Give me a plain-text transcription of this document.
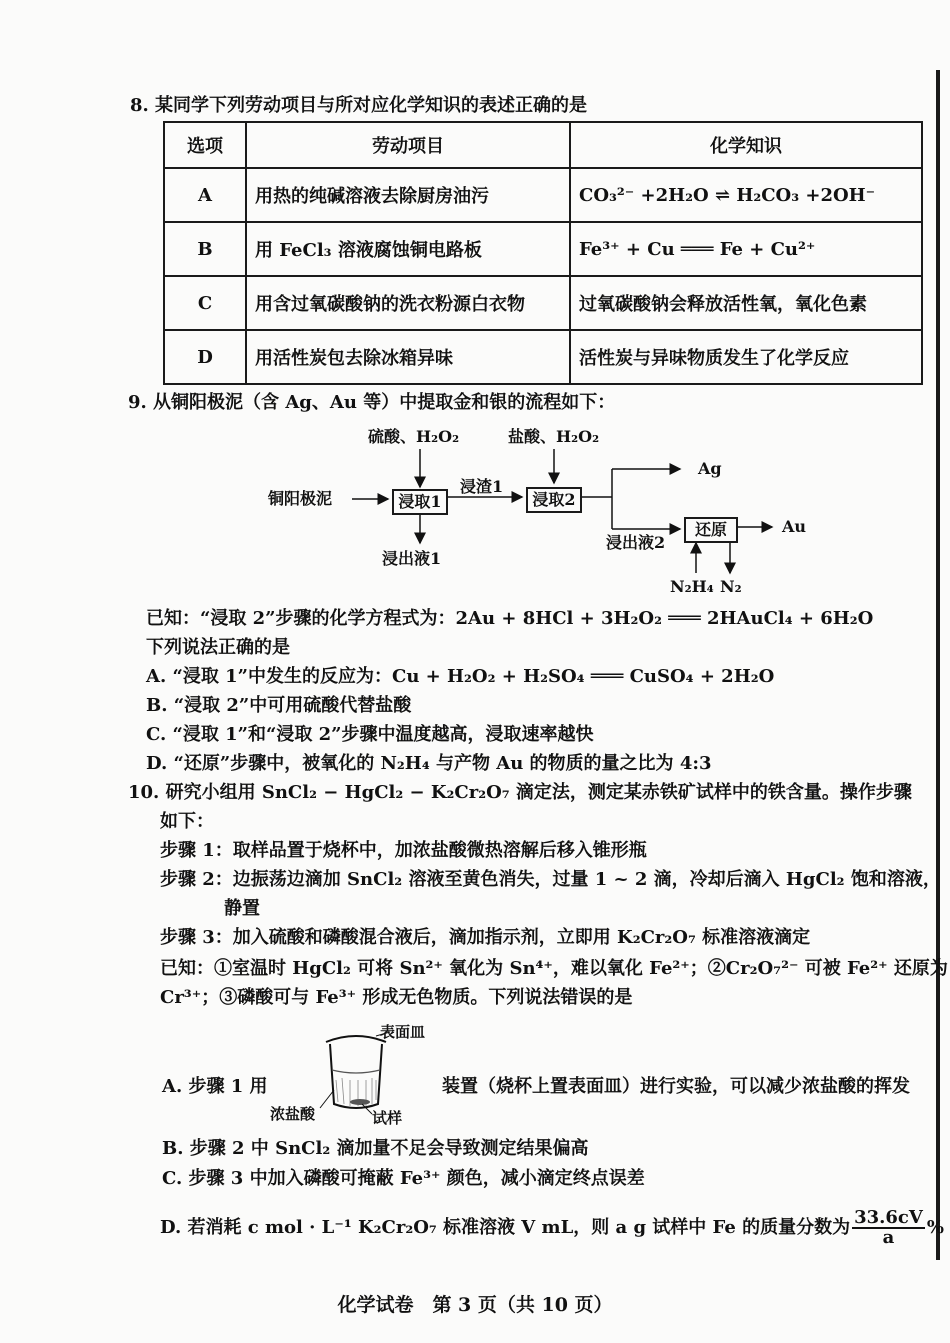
8. 某同学下列劳动项目与所对应化学知识的表述正确的是
选项	劳动项目	化学知识
A	用热的纯碱溶液去除厨房油污	CO₃²⁻ +2H₂O ⇌ H₂CO₃ +2OH⁻
B	用 FeCl₃ 溶液腐蚀铜电路板	Fe³⁺ + Cu ═══ Fe + Cu²⁺
C	用含过氧碳酸钠的洗衣粉源白衣物	过氧碳酸钠会释放活性氧，氧化色素
D	用活性炭包去除冰箱异味	活性炭与异味物质发生了化学反应
9. 从铜阳极泥（含 Ag、Au 等）中提取金和银的流程如下：
硫酸、H₂O₂	盐酸、H₂O₂
铜阳极泥	浸取1
浸渣1
浸取2
Ag
浸出液1
浸出液2
还原	Au
N₂H₄ N₂
已知：“浸取 2”步骤的化学方程式为：2Au + 8HCl + 3H₂O₂ ═══ 2HAuCl₄ + 6H₂O
下列说法正确的是
A. “浸取 1”中发生的反应为：Cu + H₂O₂ + H₂SO₄ ═══ CuSO₄ + 2H₂O
B. “浸取 2”中可用硫酸代替盐酸
C. “浸取 1”和“浸取 2”步骤中温度越高，浸取速率越快
D. “还原”步骤中，被氧化的 N₂H₄ 与产物 Au 的物质的量之比为 4:3
10. 研究小组用 SnCl₂ − HgCl₂ − K₂Cr₂O₇ 滴定法，测定某赤铁矿试样中的铁含量。操作步骤
如下：
步骤 1：取样品置于烧杯中，加浓盐酸微热溶解后移入锥形瓶
步骤 2：边振荡边滴加 SnCl₂ 溶液至黄色消失，过量 1 ~ 2 滴，冷却后滴入 HgCl₂ 饱和溶液，
静置
步骤 3：加入硫酸和磷酸混合液后，滴加指示剂，立即用 K₂Cr₂O₇ 标准溶液滴定
已知：①室温时 HgCl₂ 可将 Sn²⁺ 氧化为 Sn⁴⁺，难以氧化 Fe²⁺；②Cr₂O₇²⁻ 可被 Fe²⁺ 还原为
Cr³⁺；③磷酸可与 Fe³⁺ 形成无色物质。下列说法错误的是
A. 步骤 1 用
表面皿
浓盐酸	试样
装置（烧杯上置表面皿）进行实验，可以减少浓盐酸的挥发
B. 步骤 2 中 SnCl₂ 滴加量不足会导致测定结果偏高
C. 步骤 3 中加入磷酸可掩蔽 Fe³⁺ 颜色，减小滴定终点误差
D. 若消耗 c mol · L⁻¹ K₂Cr₂O₇ 标准溶液 V mL，则 a g 试样中 Fe 的质量分数为 $\frac{33.6cV}{a}$ %
化学试卷　第 3 页（共 10 页）
